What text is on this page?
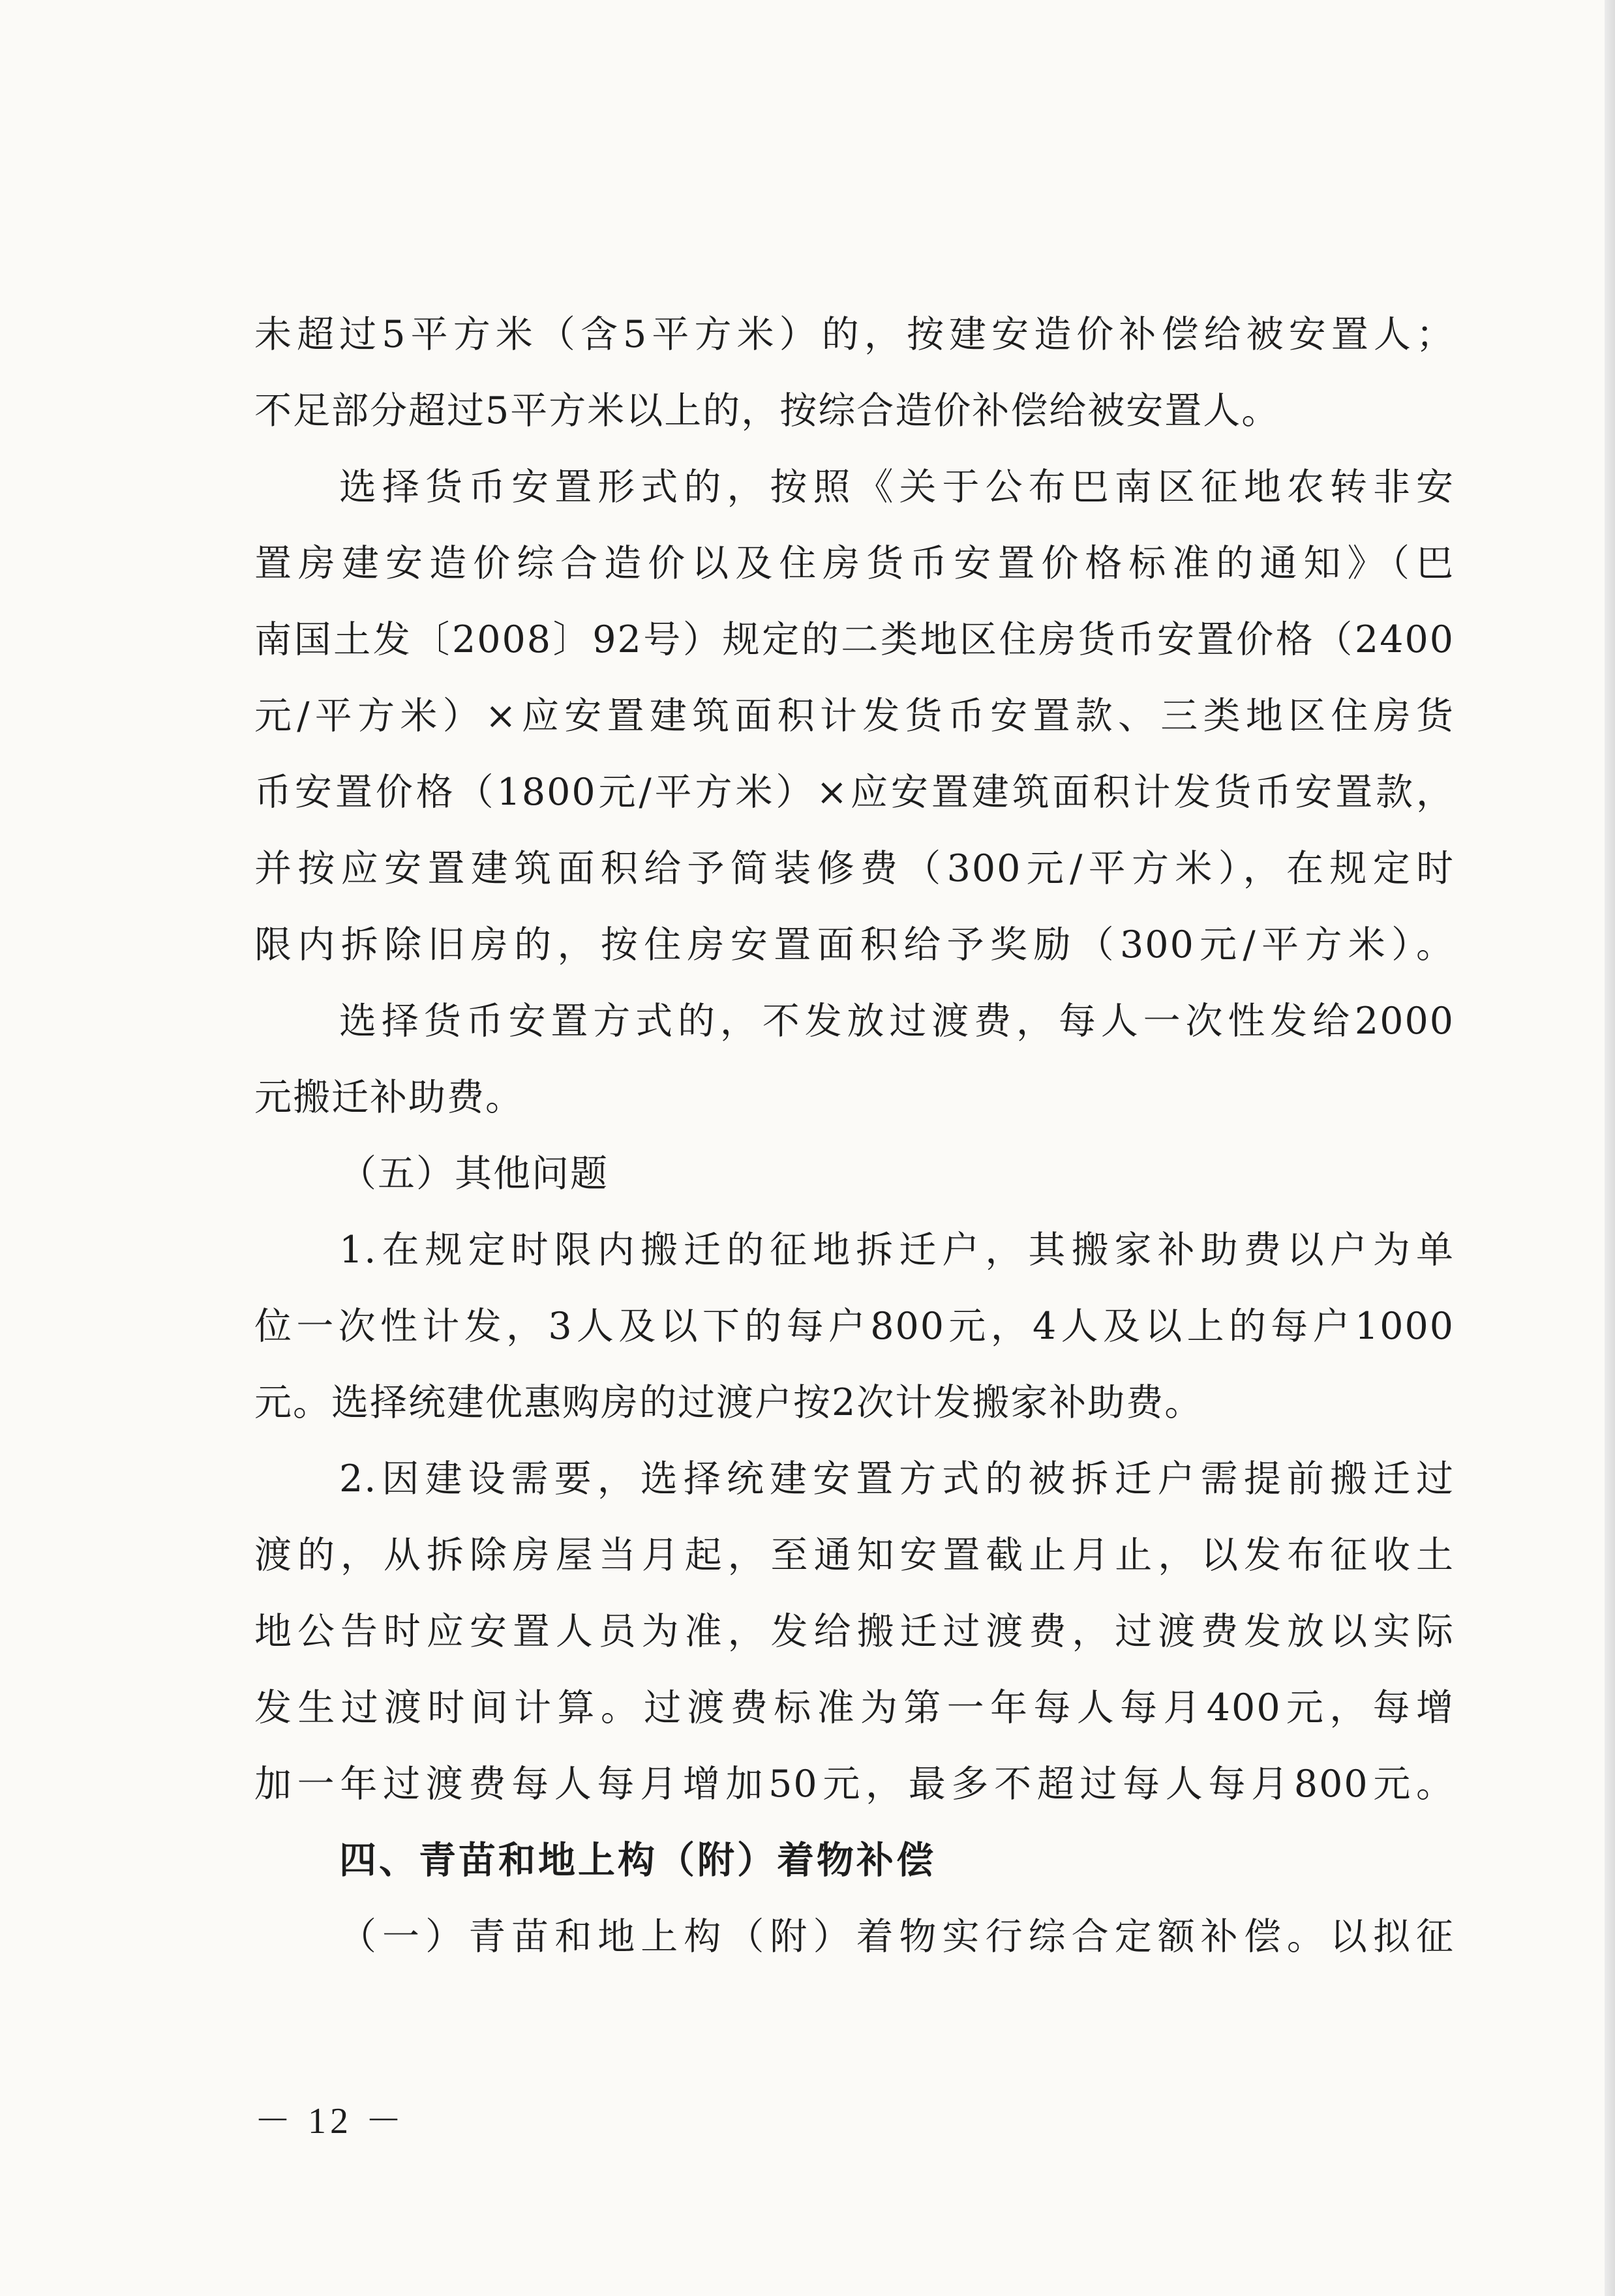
未超过5平方米（含5平方米）的，按建安造价补偿给被安置人；
不足部分超过5平方米以上的，按综合造价补偿给被安置人。
选择货币安置形式的，按照《关于公布巴南区征地农转非安
置房建安造价综合造价以及住房货币安置价格标准的通知》（巴
南国土发〔2008〕92号）规定的二类地区住房货币安置价格（2400
元/平方米）×应安置建筑面积计发货币安置款、三类地区住房货
币安置价格（1800元/平方米）×应安置建筑面积计发货币安置款，
并按应安置建筑面积给予简装修费（300元/平方米），在规定时
限内拆除旧房的，按住房安置面积给予奖励（300元/平方米）。
选择货币安置方式的，不发放过渡费，每人一次性发给2000
元搬迁补助费。
（五）其他问题
1.在规定时限内搬迁的征地拆迁户，其搬家补助费以户为单
位一次性计发，3人及以下的每户800元，4人及以上的每户1000
元。选择统建优惠购房的过渡户按2次计发搬家补助费。
2.因建设需要，选择统建安置方式的被拆迁户需提前搬迁过
渡的，从拆除房屋当月起，至通知安置截止月止，以发布征收土
地公告时应安置人员为准，发给搬迁过渡费，过渡费发放以实际
发生过渡时间计算。过渡费标准为第一年每人每月400元，每增
加一年过渡费每人每月增加50元，最多不超过每人每月800元。
四、青苗和地上构（附）着物补偿
（一）青苗和地上构（附）着物实行综合定额补偿。以拟征
－ 12 －
